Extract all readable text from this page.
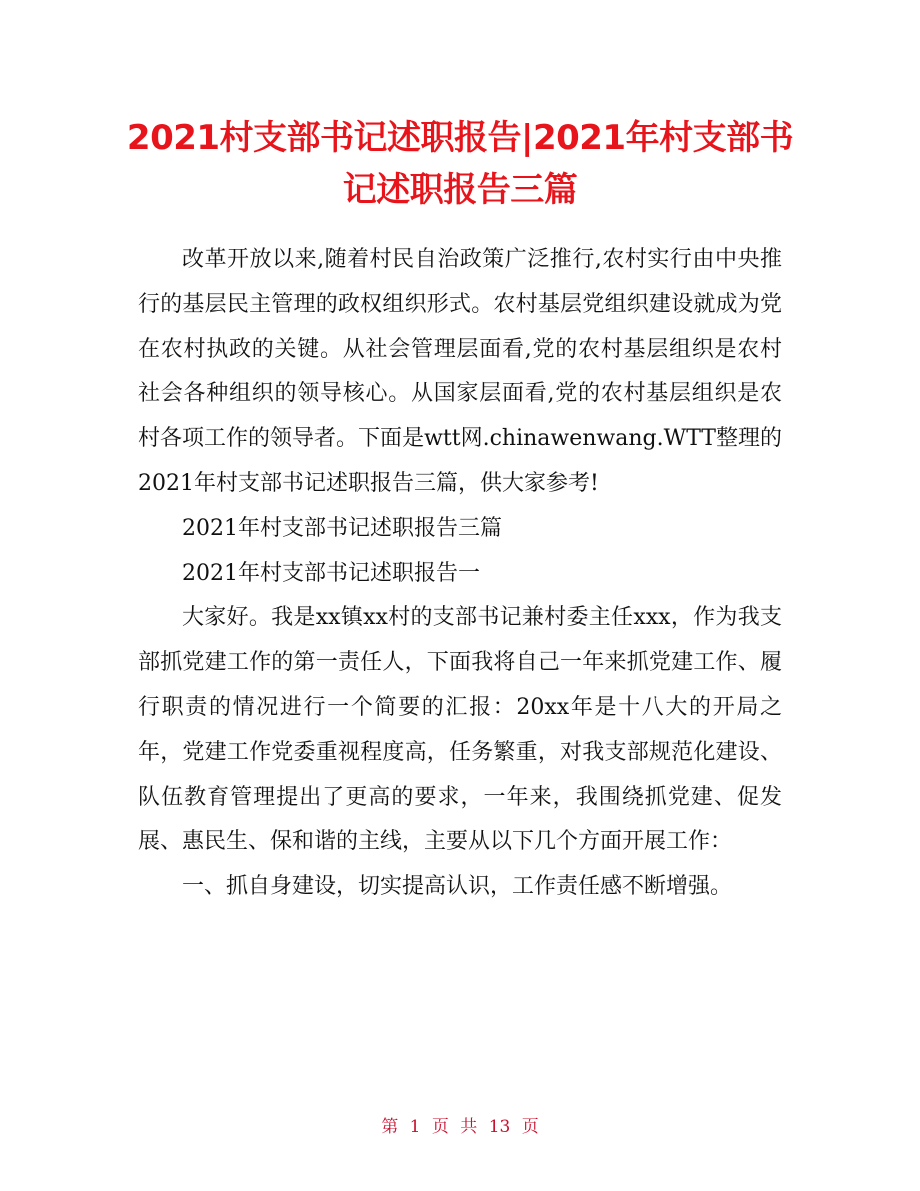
2021村支部书记述职报告|2021年村支部书记述职报告三篇

改革开放以来,随着村民自治政策广泛推行,农村实行由中央推行的基层民主管理的政权组织形式。农村基层党组织建设就成为党在农村执政的关键。从社会管理层面看,党的农村基层组织是农村社会各种组织的领导核心。从国家层面看,党的农村基层组织是农村各项工作的领导者。下面是wtt网.chinawenwang.WTT整理的2021年村支部书记述职报告三篇，供大家参考!

2021年村支部书记述职报告三篇

2021年村支部书记述职报告一

大家好。我是xx镇xx村的支部书记兼村委主任xxx，作为我支部抓党建工作的第一责任人，下面我将自己一年来抓党建工作、履行职责的情况进行一个简要的汇报：20xx年是十八大的开局之年，党建工作党委重视程度高，任务繁重，对我支部规范化建设、队伍教育管理提出了更高的要求，一年来，我围绕抓党建、促发展、惠民生、保和谐的主线，主要从以下几个方面开展工作：

一、抓自身建设，切实提高认识，工作责任感不断增强。

第 1 页 共 13 页
